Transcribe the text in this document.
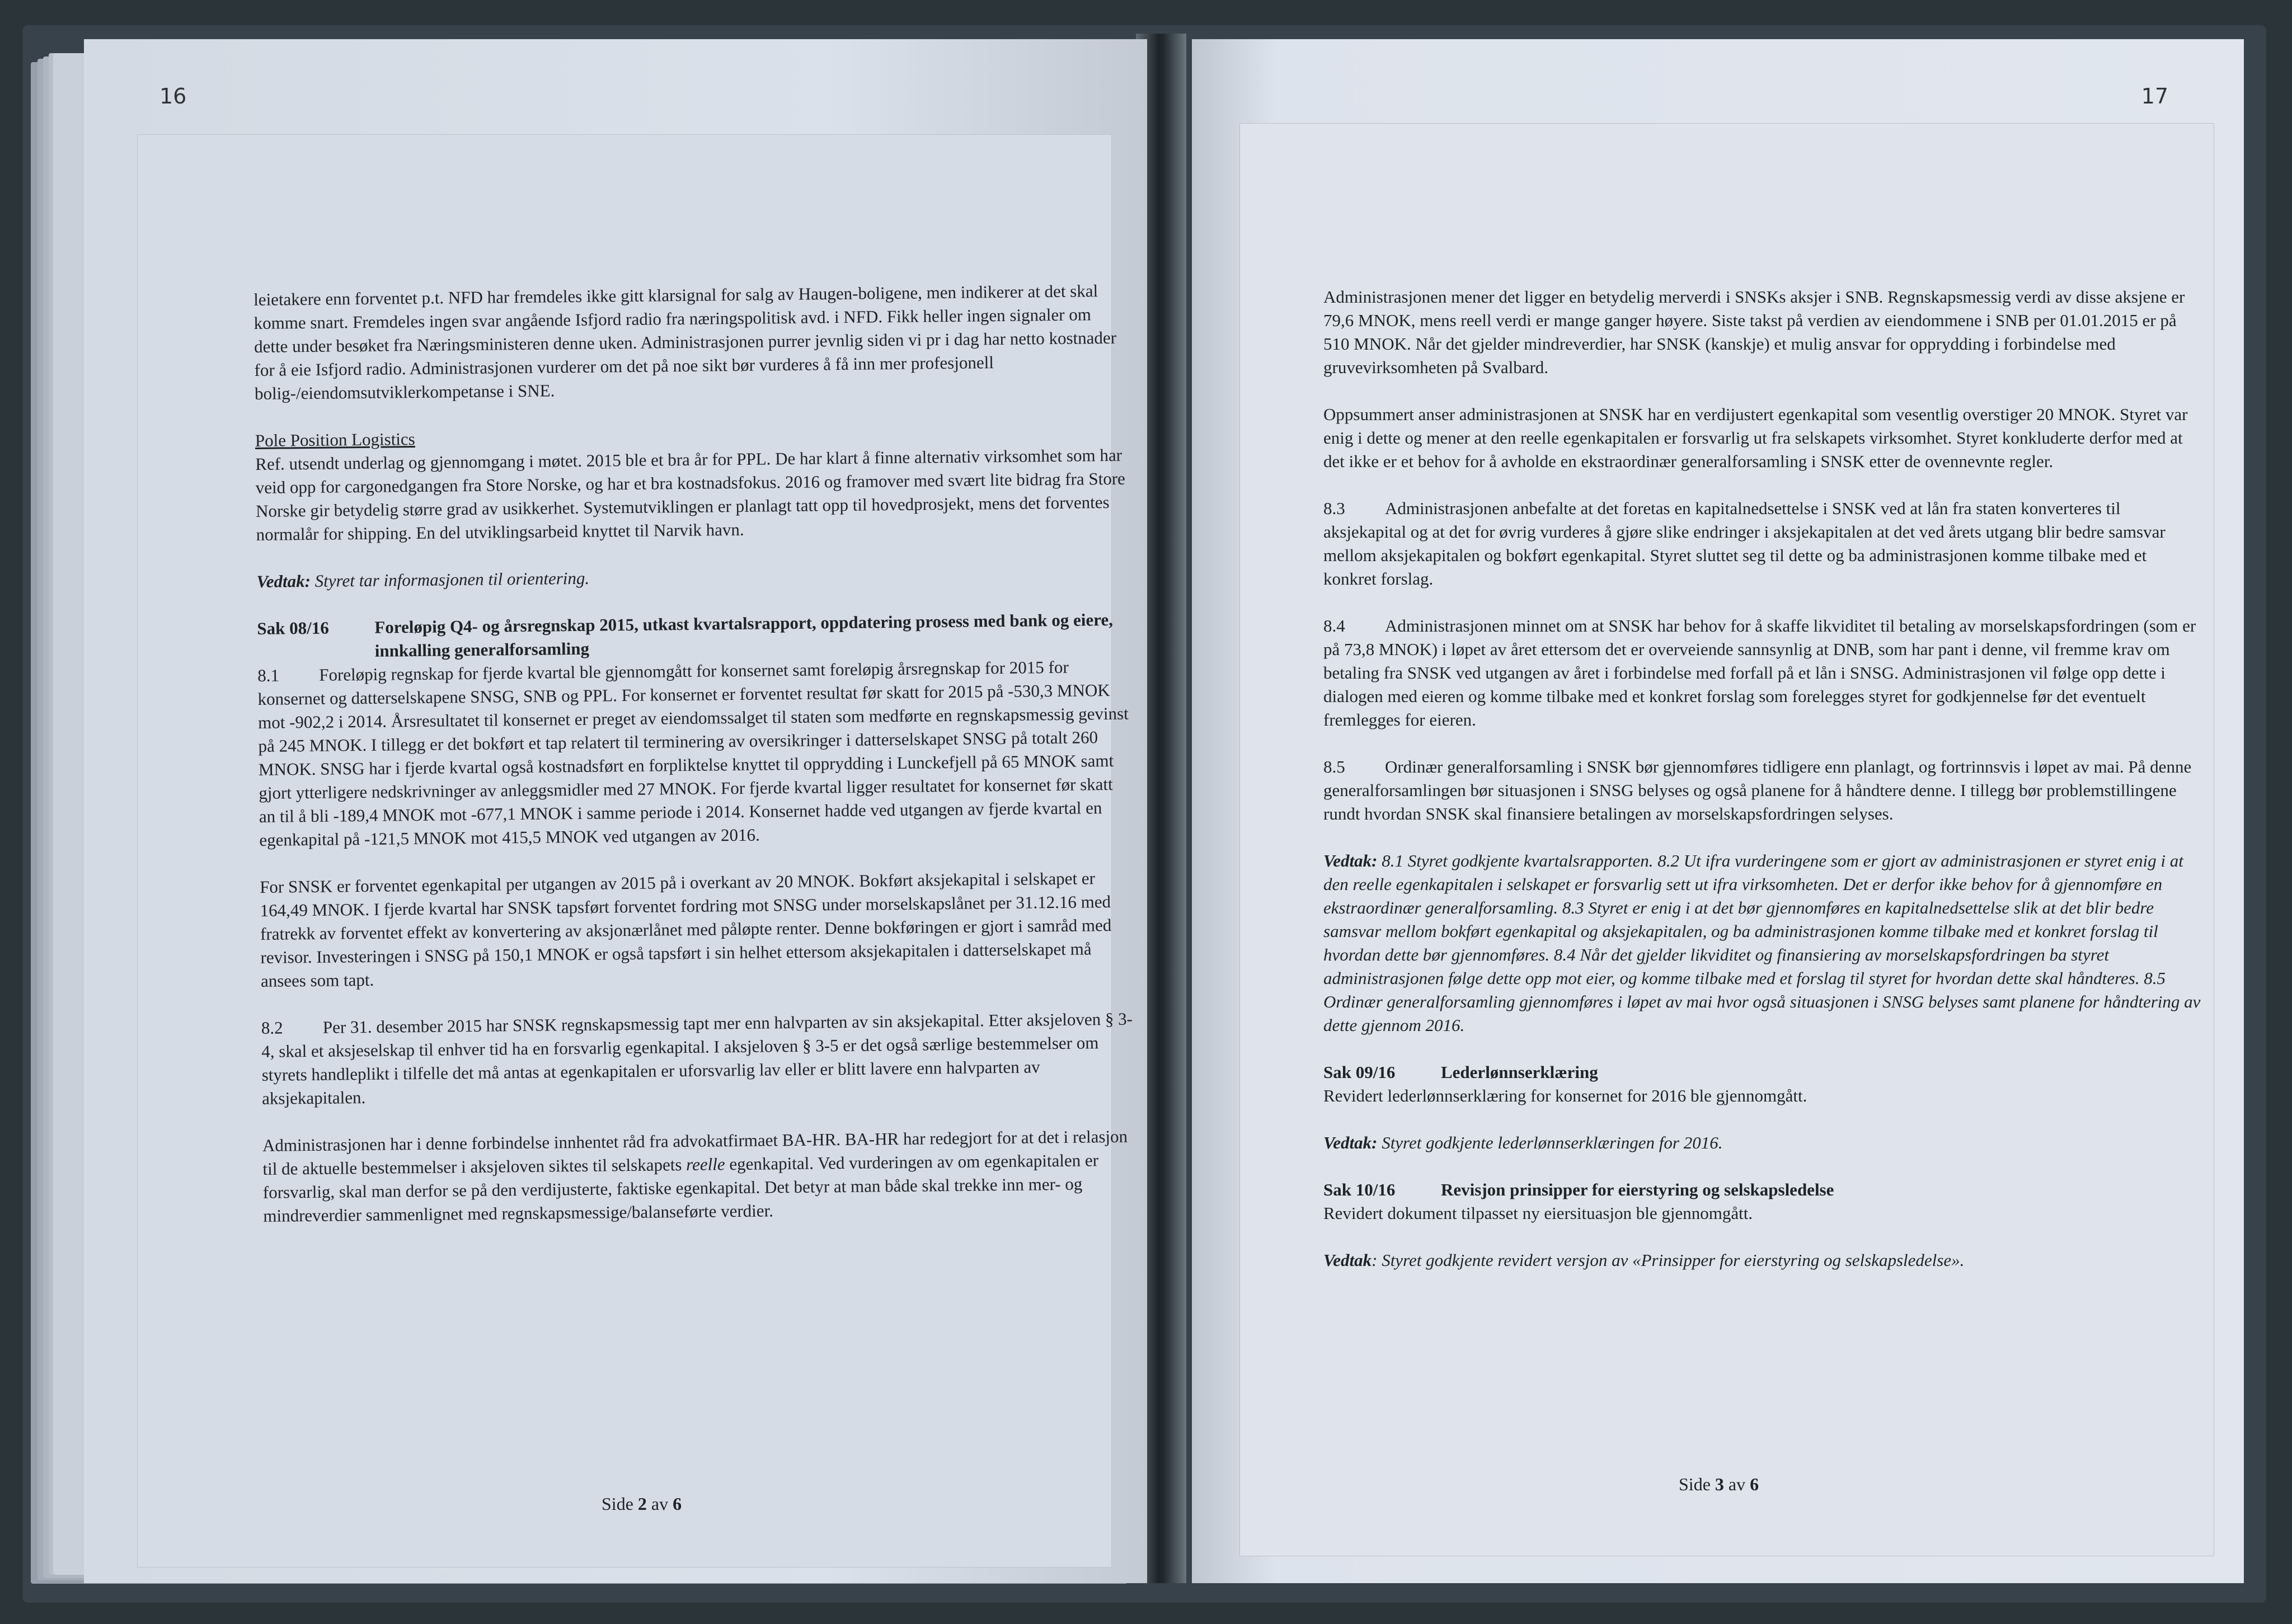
16

leietakere enn forventet p.t. NFD har fremdeles ikke gitt klarsignal for salg av Haugen-boligene, men indikerer at det skal komme snart. Fremdeles ingen svar angående Isfjord radio fra næringspolitisk avd. i NFD. Fikk heller ingen signaler om dette under besøket fra Næringsministeren denne uken. Administrasjonen purrer jevnlig siden vi pr i dag har netto kostnader for å eie Isfjord radio. Administrasjonen vurderer om det på noe sikt bør vurderes å få inn mer profesjonell bolig-/eiendomsutviklerkompetanse i SNE.

Pole Position Logistics

Ref. utsendt underlag og gjennomgang i møtet. 2015 ble et bra år for PPL. De har klart å finne alternativ virksomhet som har veid opp for cargonedgangen fra Store Norske, og har et bra kostnadsfokus. 2016 og framover med svært lite bidrag fra Store Norske gir betydelig større grad av usikkerhet. Systemutviklingen er planlagt tatt opp til hovedprosjekt, mens det forventes normalår for shipping. En del utviklingsarbeid knyttet til Narvik havn.

Vedtak: Styret tar informasjonen til orientering.

Sak 08/16	Foreløpig Q4- og årsregnskap 2015, utkast kvartalsrapport, oppdatering prosess med bank og eiere, innkalling generalforsamling

8.1 Foreløpig regnskap for fjerde kvartal ble gjennomgått for konsernet samt foreløpig årsregnskap for 2015 for konsernet og datterselskapene SNSG, SNB og PPL. For konsernet er forventet resultat før skatt for 2015 på -530,3 MNOK mot -902,2 i 2014. Årsresultatet til konsernet er preget av eiendomssalget til staten som medførte en regnskapsmessig gevinst på 245 MNOK. I tillegg er det bokført et tap relatert til terminering av oversikringer i datterselskapet SNSG på totalt 260 MNOK. SNSG har i fjerde kvartal også kostnadsført en forpliktelse knyttet til opprydding i Lunckefjell på 65 MNOK samt gjort ytterligere nedskrivninger av anleggsmidler med 27 MNOK. For fjerde kvartal ligger resultatet for konsernet før skatt an til å bli -189,4 MNOK mot -677,1 MNOK i samme periode i 2014. Konsernet hadde ved utgangen av fjerde kvartal en egenkapital på -121,5 MNOK mot 415,5 MNOK ved utgangen av 2016.

For SNSK er forventet egenkapital per utgangen av 2015 på i overkant av 20 MNOK. Bokført aksjekapital i selskapet er 164,49 MNOK. I fjerde kvartal har SNSK tapsført forventet fordring mot SNSG under morselskapslånet per 31.12.16 med fratrekk av forventet effekt av konvertering av aksjonærlånet med påløpte renter. Denne bokføringen er gjort i samråd med revisor. Investeringen i SNSG på 150,1 MNOK er også tapsført i sin helhet ettersom aksjekapitalen i datterselskapet må ansees som tapt.

8.2 Per 31. desember 2015 har SNSK regnskapsmessig tapt mer enn halvparten av sin aksjekapital. Etter aksjeloven § 3-4, skal et aksjeselskap til enhver tid ha en forsvarlig egenkapital. I aksjeloven § 3-5 er det også særlige bestemmelser om styrets handleplikt i tilfelle det må antas at egenkapitalen er uforsvarlig lav eller er blitt lavere enn halvparten av aksjekapitalen.

Administrasjonen har i denne forbindelse innhentet råd fra advokatfirmaet BA-HR. BA-HR har redegjort for at det i relasjon til de aktuelle bestemmelser i aksjeloven siktes til selskapets reelle egenkapital. Ved vurderingen av om egenkapitalen er forsvarlig, skal man derfor se på den verdijusterte, faktiske egenkapital. Det betyr at man både skal trekke inn mer- og mindreverdier sammenlignet med regnskapsmessige/balanseførte verdier.

Side 2 av 6
17

Administrasjonen mener det ligger en betydelig merverdi i SNSKs aksjer i SNB. Regnskapsmessig verdi av disse aksjene er 79,6 MNOK, mens reell verdi er mange ganger høyere. Siste takst på verdien av eiendommene i SNB per 01.01.2015 er på 510 MNOK. Når det gjelder mindreverdier, har SNSK (kanskje) et mulig ansvar for opprydding i forbindelse med gruvevirksomheten på Svalbard.

Oppsummert anser administrasjonen at SNSK har en verdijustert egenkapital som vesentlig overstiger 20 MNOK. Styret var enig i dette og mener at den reelle egenkapitalen er forsvarlig ut fra selskapets virksomhet. Styret konkluderte derfor med at det ikke er et behov for å avholde en ekstraordinær generalforsamling i SNSK etter de ovennevnte regler.

8.3 Administrasjonen anbefalte at det foretas en kapitalnedsettelse i SNSK ved at lån fra staten konverteres til aksjekapital og at det for øvrig vurderes å gjøre slike endringer i aksjekapitalen at det ved årets utgang blir bedre samsvar mellom aksjekapitalen og bokført egenkapital. Styret sluttet seg til dette og ba administrasjonen komme tilbake med et konkret forslag.

8.4 Administrasjonen minnet om at SNSK har behov for å skaffe likviditet til betaling av morselskapsfordringen (som er på 73,8 MNOK) i løpet av året ettersom det er overveiende sannsynlig at DNB, som har pant i denne, vil fremme krav om betaling fra SNSK ved utgangen av året i forbindelse med forfall på et lån i SNSG. Administrasjonen vil følge opp dette i dialogen med eieren og komme tilbake med et konkret forslag som forelegges styret for godkjennelse før det eventuelt fremlegges for eieren.

8.5 Ordinær generalforsamling i SNSK bør gjennomføres tidligere enn planlagt, og fortrinnsvis i løpet av mai. På denne generalforsamlingen bør situasjonen i SNSG belyses og også planene for å håndtere denne. I tillegg bør problemstillingene rundt hvordan SNSK skal finansiere betalingen av morselskapsfordringen selyses.

Vedtak: 8.1 Styret godkjente kvartalsrapporten. 8.2 Ut ifra vurderingene som er gjort av administrasjonen er styret enig i at den reelle egenkapitalen i selskapet er forsvarlig sett ut ifra virksomheten. Det er derfor ikke behov for å gjennomføre en ekstraordinær generalforsamling. 8.3 Styret er enig i at det bør gjennomføres en kapitalnedsettelse slik at det blir bedre samsvar mellom bokført egenkapital og aksjekapitalen, og ba administrasjonen komme tilbake med et konkret forslag til hvordan dette bør gjennomføres. 8.4 Når det gjelder likviditet og finansiering av morselskapsfordringen ba styret administrasjonen følge dette opp mot eier, og komme tilbake med et forslag til styret for hvordan dette skal håndteres. 8.5 Ordinær generalforsamling gjennomføres i løpet av mai hvor også situasjonen i SNSG belyses samt planene for håndtering av dette gjennom 2016.

Sak 09/16	Lederlønnserklæring

Revidert lederlønnserklæring for konsernet for 2016 ble gjennomgått.

Vedtak: Styret godkjente lederlønnserklæringen for 2016.

Sak 10/16	Revisjon prinsipper for eierstyring og selskapsledelse

Revidert dokument tilpasset ny eiersituasjon ble gjennomgått.

Vedtak: Styret godkjente revidert versjon av «Prinsipper for eierstyring og selskapsledelse».

Side 3 av 6
